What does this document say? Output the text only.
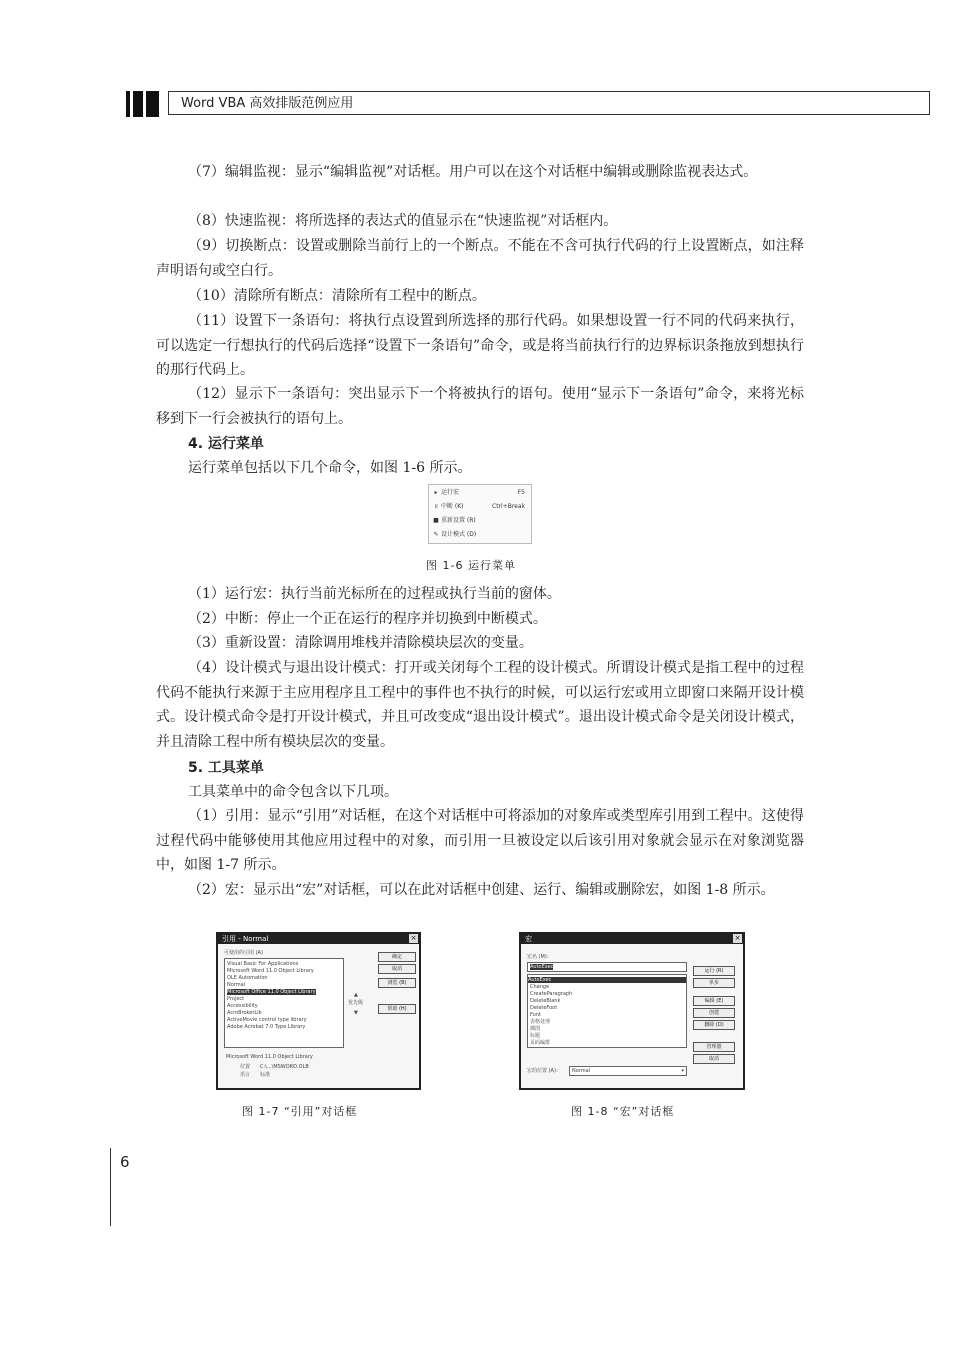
Word VBA 高效排版范例应用

（7）编辑监视：显示“编辑监视”对话框。用户可以在这个对话框中编辑或删除监视表达式。

（8）快速监视：将所选择的表达式的值显示在“快速监视”对话框内。

（9）切换断点：设置或删除当前行上的一个断点。不能在不含可执行代码的行上设置断点，如注释声明语句或空白行。

（10）清除所有断点：清除所有工程中的断点。

（11）设置下一条语句：将执行点设置到所选择的那行代码。如果想设置一行不同的代码来执行，可以选定一行想执行的代码后选择“设置下一条语句”命令，或是将当前执行行的边界标识条拖放到想执行的那行代码上。

（12）显示下一条语句：突出显示下一个将被执行的语句。使用“显示下一条语句”命令，来将光标移到下一行会被执行的语句上。

4. 运行菜单

运行菜单包括以下几个命令，如图 1-6 所示。

▸ 运行宏	F5
॥ 中断 (K)	Ctrl+Break
■ 重新设置 (R)
✎ 设计模式 (D)
图 1-6 运行菜单

（1）运行宏：执行当前光标所在的过程或执行当前的窗体。

（2）中断：停止一个正在运行的程序并切换到中断模式。

（3）重新设置：清除调用堆栈并清除模块层次的变量。

（4）设计模式与退出设计模式：打开或关闭每个工程的设计模式。所谓设计模式是指工程中的过程代码不能执行来源于主应用程序且工程中的事件也不执行的时候，可以运行宏或用立即窗口来隔开设计模式。设计模式命令是打开设计模式，并且可改变成“退出设计模式”。退出设计模式命令是关闭设计模式，并且清除工程中所有模块层次的变量。

5. 工具菜单

工具菜单中的命令包含以下几项。

（1）引用：显示“引用”对话框，在这个对话框中可将添加的对象库或类型库引用到工程中。这使得过程代码中能够使用其他应用过程中的对象，而引用一旦被设定以后该引用对象就会显示在对象浏览器中，如图 1-7 所示。

（2）宏：显示出“宏”对话框，可以在此对话框中创建、运行、编辑或删除宏，如图 1-8 所示。

引用 - Normal	×
可使用的引用 (A)
Visual Basic For Applications
Microsoft Word 11.0 Object Library
OLE Automation
Normal
Microsoft Office 11.0 Object Library
Project
Accessibility
AcroBrokerLib
ActiveMovie control type library
Adobe Acrobat 7.0 Type Library
确定
取消
浏览 (B)
优先级
▲
▼
帮助 (H)
Microsoft Word 11.0 Object Library
位置 C:\...\MSWORD.OLB
语言 标准
图 1-7 “引用”对话框
宏	×
宏名 (M)：
AutoExec
AutoExec
Change
CreateParagraph
DeleteBlank
DeleteFoot
Font
表格处理
插图
标题
页码编排
运行 (R)
单步
编辑 (E)
创建
删除 (D)
管理器
取消
宏的位置 (A)： Normal	▾
图 1-8 “宏”对话框
6
